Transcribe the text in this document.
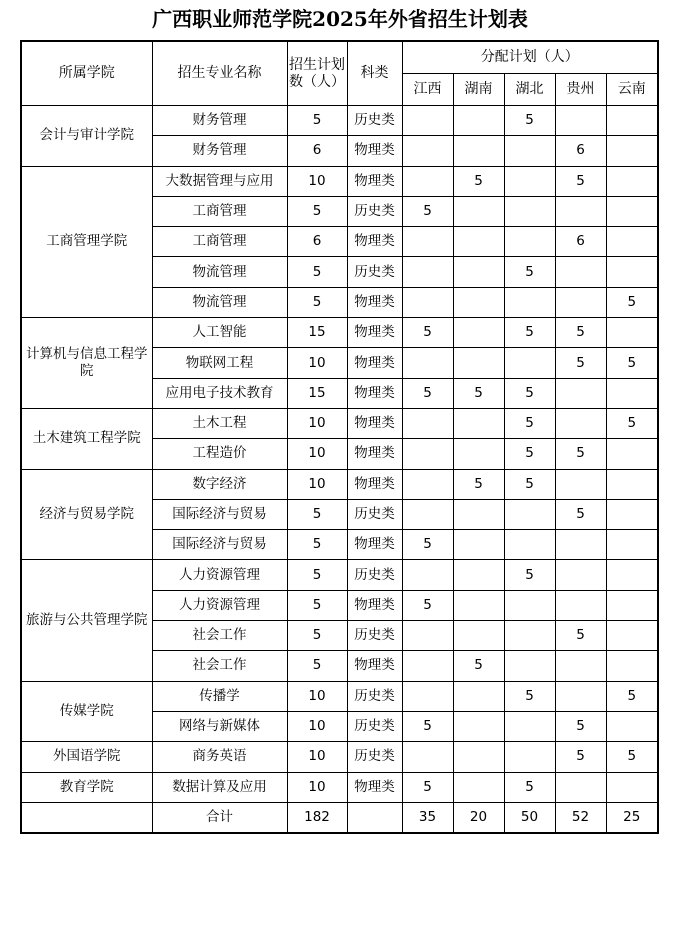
广西职业师范学院2025年外省招生计划表
所属学院	招生专业名称	招生计划数（人）	科类	分配计划（人）				
				江西	湖南	湖北	贵州	云南
会计与审计学院	财务管理	5	历史类			5		
	财务管理	6	物理类				6	
工商管理学院	大数据管理与应用	10	物理类		5		5	
	工商管理	5	历史类	5				
	工商管理	6	物理类				6	
	物流管理	5	历史类			5		
	物流管理	5	物理类					5
计算机与信息工程学院	人工智能	15	物理类	5		5	5	
	物联网工程	10	物理类				5	5
	应用电子技术教育	15	物理类	5	5	5		
土木建筑工程学院	土木工程	10	物理类			5		5
	工程造价	10	物理类			5	5	
经济与贸易学院	数字经济	10	物理类		5	5		
	国际经济与贸易	5	历史类				5	
	国际经济与贸易	5	物理类	5				
旅游与公共管理学院	人力资源管理	5	历史类			5		
	人力资源管理	5	物理类	5				
	社会工作	5	历史类				5	
	社会工作	5	物理类		5			
传媒学院	传播学	10	历史类			5		5
	网络与新媒体	10	历史类	5			5	
外国语学院	商务英语	10	历史类				5	5
教育学院	数据计算及应用	10	物理类	5		5		
	合计	182		35	20	50	52	25
